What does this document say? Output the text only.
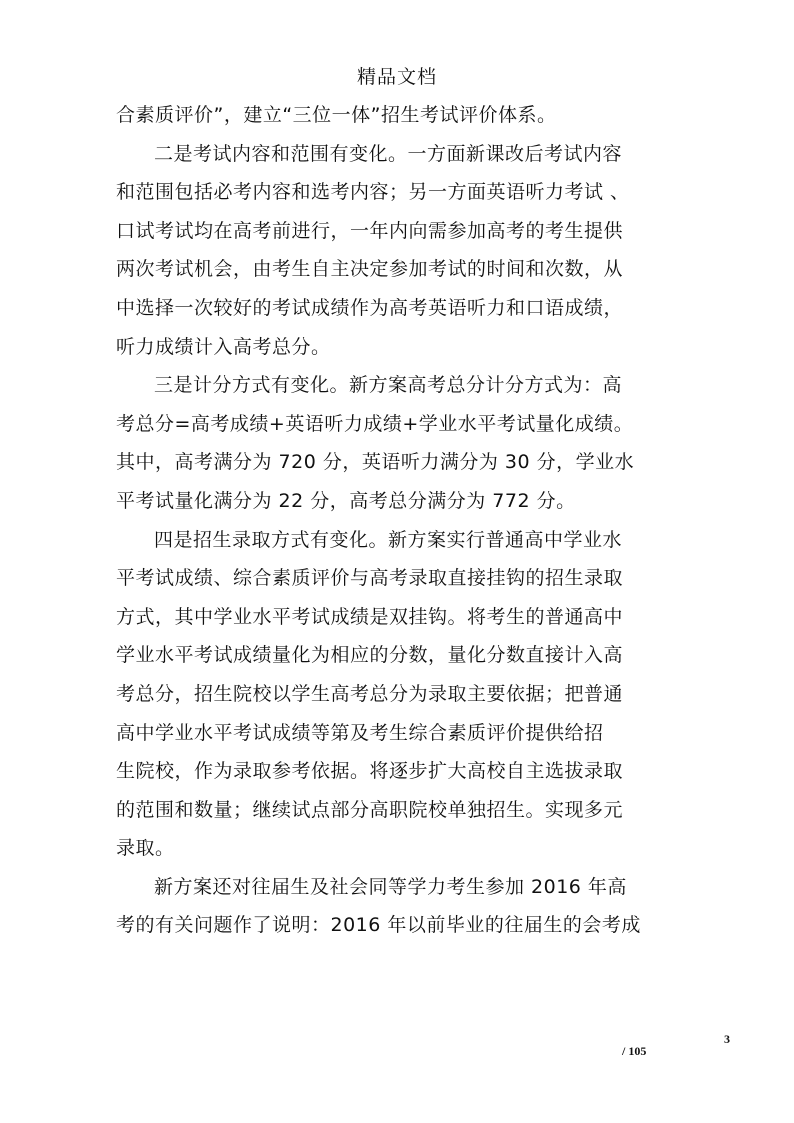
精品文档

合素质评价”，建立“三位一体”招生考试评价体系。

二是考试内容和范围有变化。一方面新课改后考试内容
和范围包括必考内容和选考内容；另一方面英语听力考试 、
口试考试均在高考前进行，一年内向需参加高考的考生提供
两次考试机会，由考生自主决定参加考试的时间和次数，从
中选择一次较好的考试成绩作为高考英语听力和口语成绩，
听力成绩计入高考总分。

三是计分方式有变化。新方案高考总分计分方式为：高
考总分=高考成绩+英语听力成绩+学业水平考试量化成绩。
其中，高考满分为 720 分，英语听力满分为 30 分，学业水
平考试量化满分为 22 分，高考总分满分为 772 分。

四是招生录取方式有变化。新方案实行普通高中学业水
平考试成绩、综合素质评价与高考录取直接挂钩的招生录取
方式，其中学业水平考试成绩是双挂钩。将考生的普通高中
学业水平考试成绩量化为相应的分数，量化分数直接计入高
考总分，招生院校以学生高考总分为录取主要依据；把普通
高中学业水平考试成绩等第及考生综合素质评价提供给招
生院校，作为录取参考依据。将逐步扩大高校自主选拔录取
的范围和数量；继续试点部分高职院校单独招生。实现多元
录取。

新方案还对往届生及社会同等学力考生参加 2016 年高
考的有关问题作了说明：2016 年以前毕业的往届生的会考成

3
/ 105
